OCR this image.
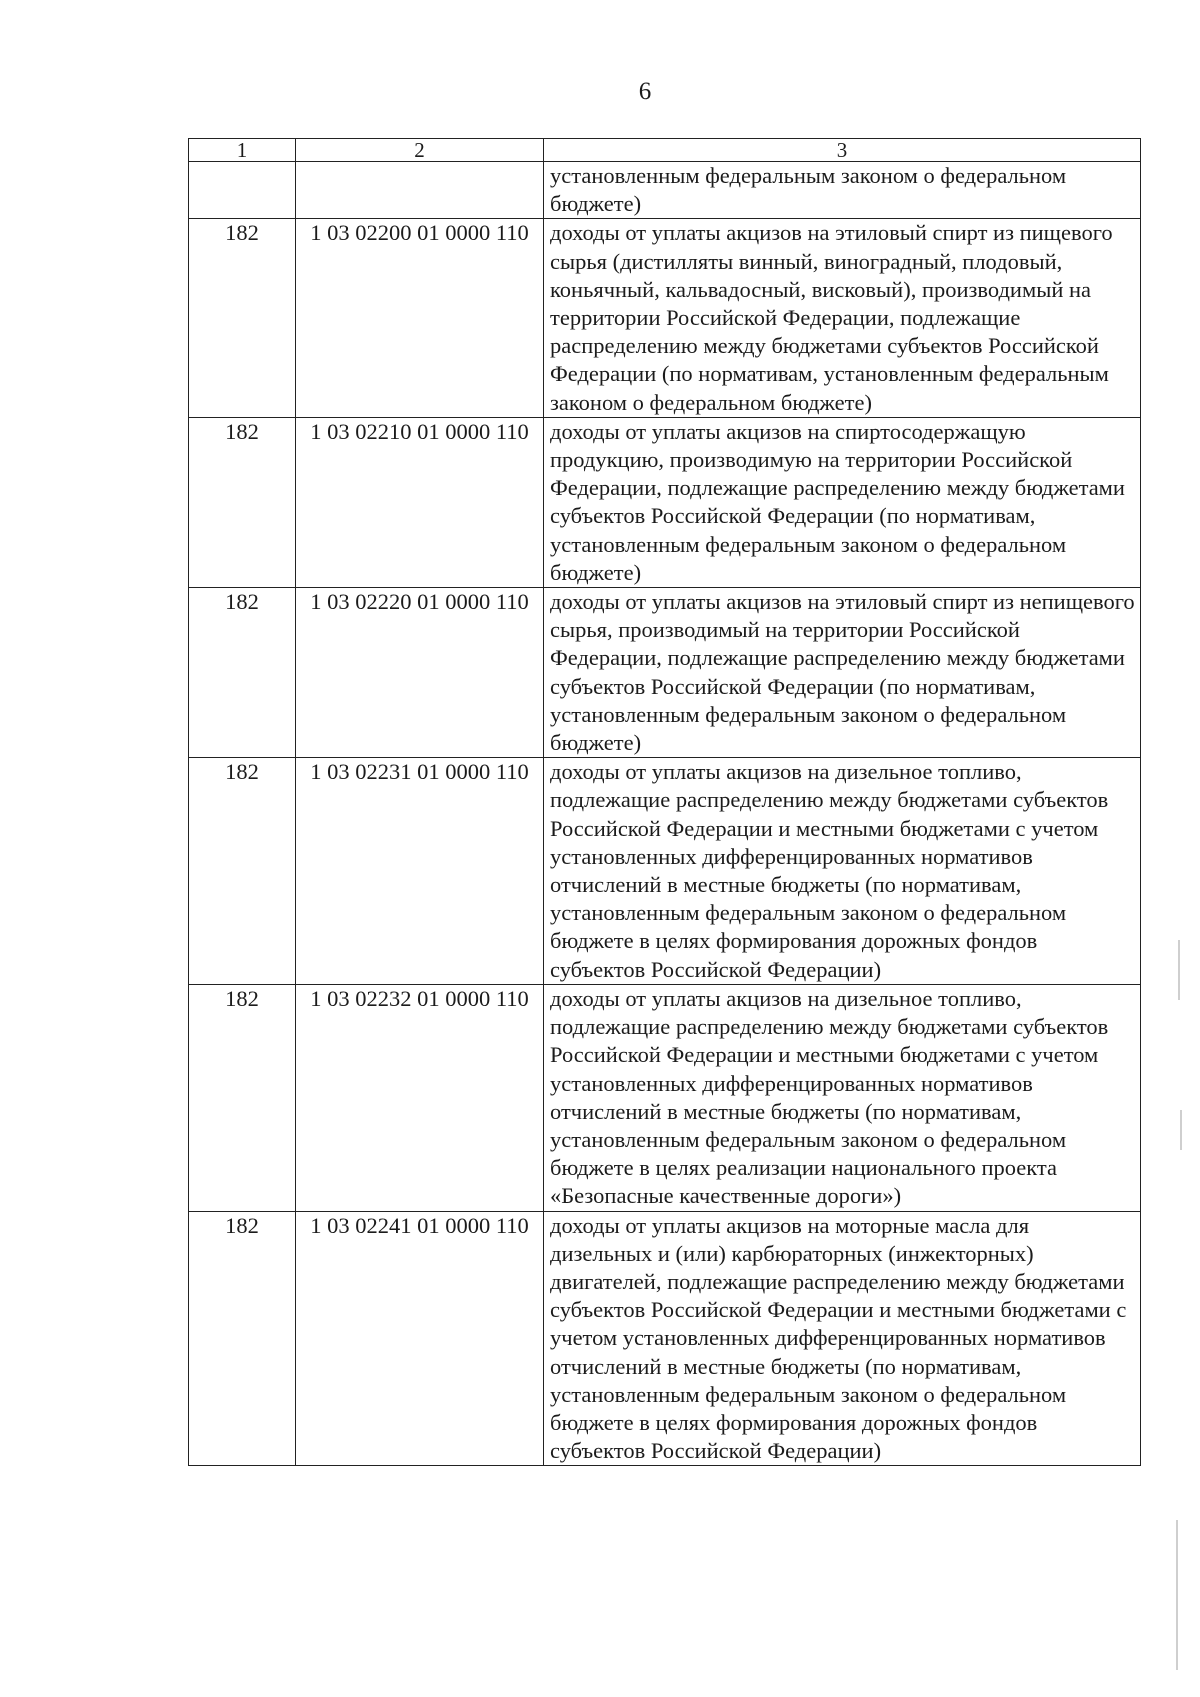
6
1	2	3
		установленным федеральным законом о федеральном бюджете)
182	1 03 02200 01 0000 110	доходы от уплаты акцизов на этиловый спирт из пищевого сырья (дистилляты винный, виноградный, плодовый, коньячный, кальвадосный, висковый), производимый на территории Российской Федерации, подлежащие распределению между бюджетами субъектов Российской Федерации (по нормативам, установленным федеральным законом о федеральном бюджете)
182	1 03 02210 01 0000 110	доходы от уплаты акцизов на спиртосодержащую продукцию, производимую на территории Российской Федерации, подлежащие распределению между бюджетами субъектов Российской Федерации (по нормативам, установленным федеральным законом о федеральном бюджете)
182	1 03 02220 01 0000 110	доходы от уплаты акцизов на этиловый спирт из непищевого сырья, производимый на территории Российской Федерации, подлежащие распределению между бюджетами субъектов Российской Федерации (по нормативам, установленным федеральным законом о федеральном бюджете)
182	1 03 02231 01 0000 110	доходы от уплаты акцизов на дизельное топливо, подлежащие распределению между бюджетами субъектов Российской Федерации и местными бюджетами с учетом установленных дифференцированных нормативов отчислений в местные бюджеты (по нормативам, установленным федеральным законом о федеральном бюджете в целях формирования дорожных фондов субъектов Российской Федерации)
182	1 03 02232 01 0000 110	доходы от уплаты акцизов на дизельное топливо, подлежащие распределению между бюджетами субъектов Российской Федерации и местными бюджетами с учетом установленных дифференцированных нормативов отчислений в местные бюджеты (по нормативам, установленным федеральным законом о федеральном бюджете в целях реализации национального проекта «Безопасные качественные дороги»)
182	1 03 02241 01 0000 110	доходы от уплаты акцизов на моторные масла для дизельных и (или) карбюраторных (инжекторных) двигателей, подлежащие распределению между бюджетами субъектов Российской Федерации и местными бюджетами с учетом установленных дифференцированных нормативов отчислений в местные бюджеты (по нормативам, установленным федеральным законом о федеральном бюджете в целях формирования дорожных фондов субъектов Российской Федерации)
